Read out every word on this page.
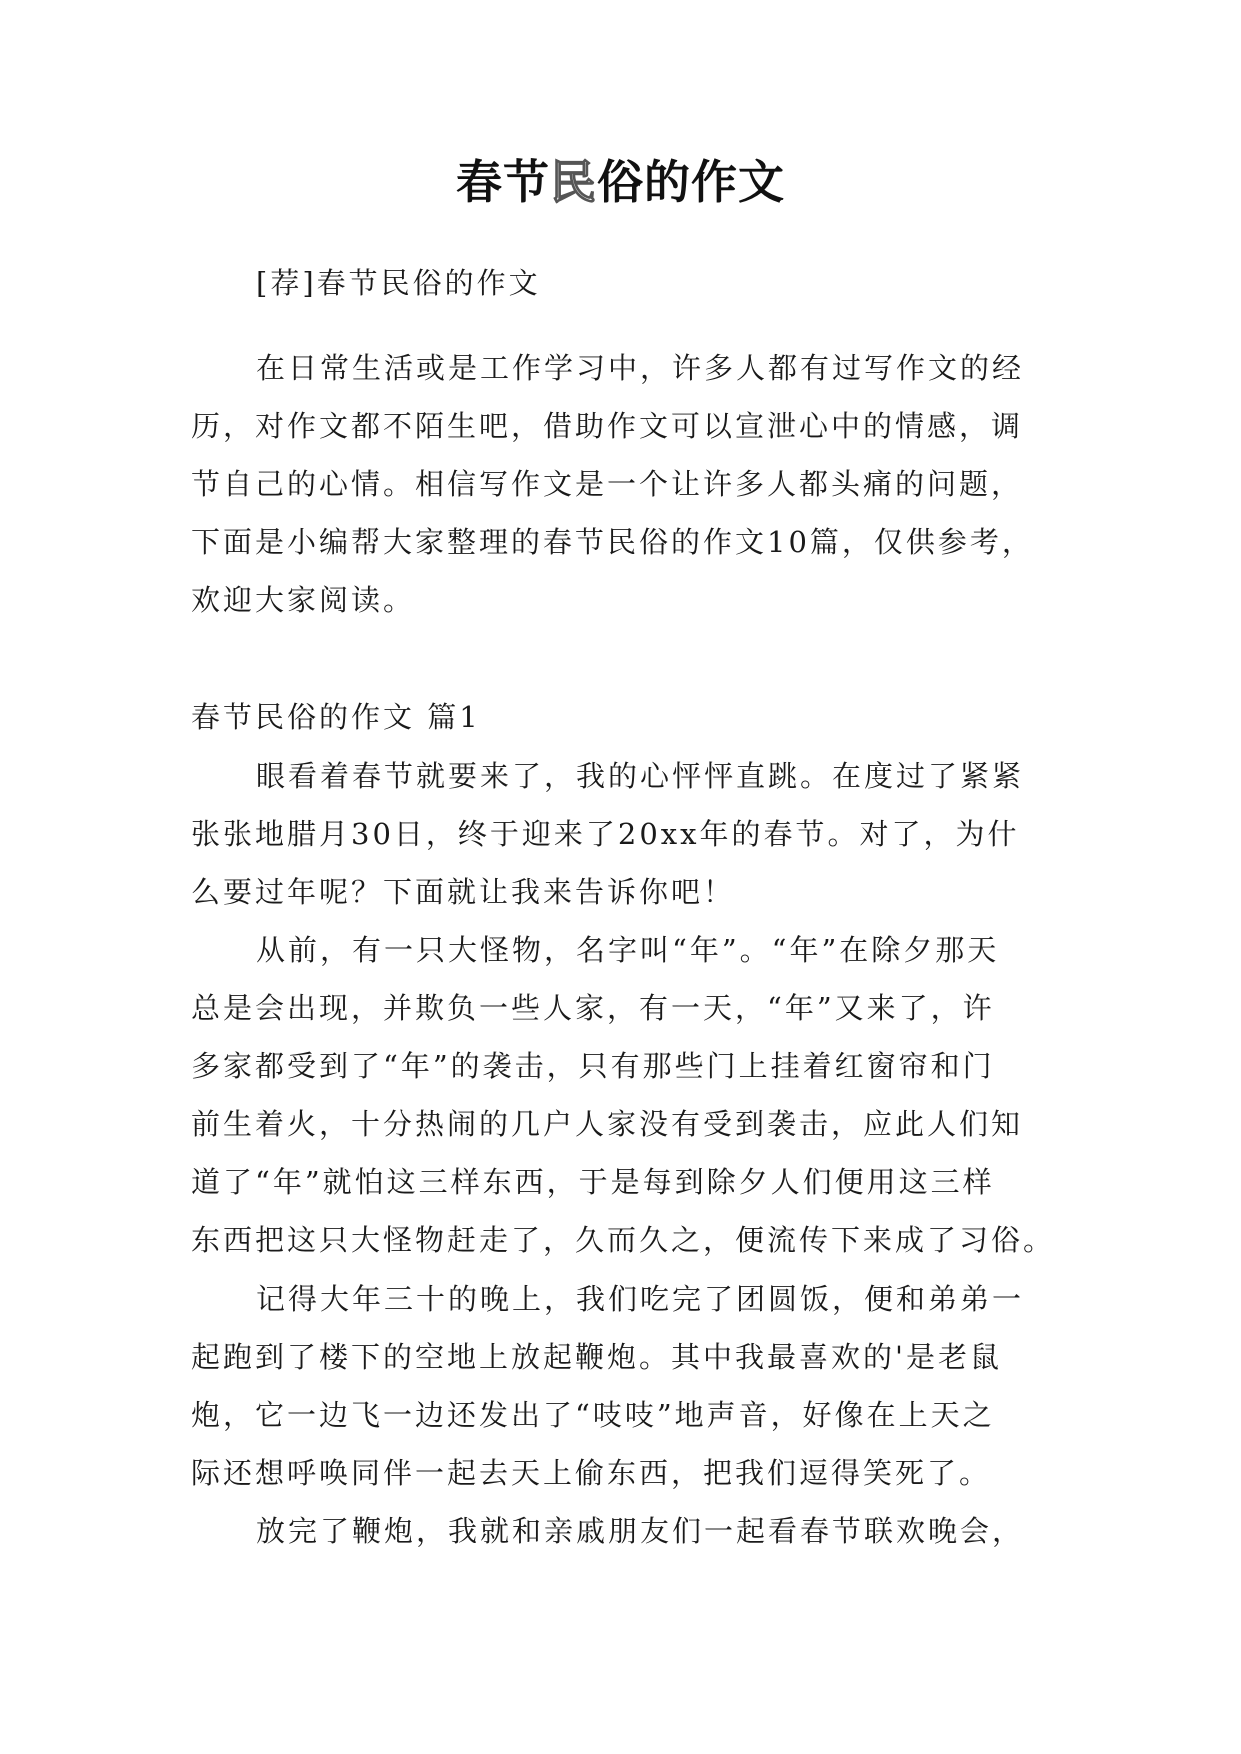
春节民俗的作文

[荐]春节民俗的作文

在日常生活或是工作学习中，许多人都有过写作文的经

历，对作文都不陌生吧，借助作文可以宣泄心中的情感，调

节自己的心情。相信写作文是一个让许多人都头痛的问题，

下面是小编帮大家整理的春节民俗的作文10篇，仅供参考，

欢迎大家阅读。

春节民俗的作文 篇1

眼看着春节就要来了，我的心怦怦直跳。在度过了紧紧

张张地腊月30日，终于迎来了20xx年的春节。对了，为什

么要过年呢？下面就让我来告诉你吧！

从前，有一只大怪物，名字叫“年”。“年”在除夕那天

总是会出现，并欺负一些人家，有一天，“年”又来了，许

多家都受到了“年”的袭击，只有那些门上挂着红窗帘和门

前生着火，十分热闹的几户人家没有受到袭击，应此人们知

道了“年”就怕这三样东西，于是每到除夕人们便用这三样

东西把这只大怪物赶走了，久而久之，便流传下来成了习俗。

记得大年三十的晚上，我们吃完了团圆饭，便和弟弟一

起跑到了楼下的空地上放起鞭炮。其中我最喜欢的'是老鼠

炮，它一边飞一边还发出了“吱吱”地声音，好像在上天之

际还想呼唤同伴一起去天上偷东西，把我们逗得笑死了。

放完了鞭炮，我就和亲戚朋友们一起看春节联欢晚会，
